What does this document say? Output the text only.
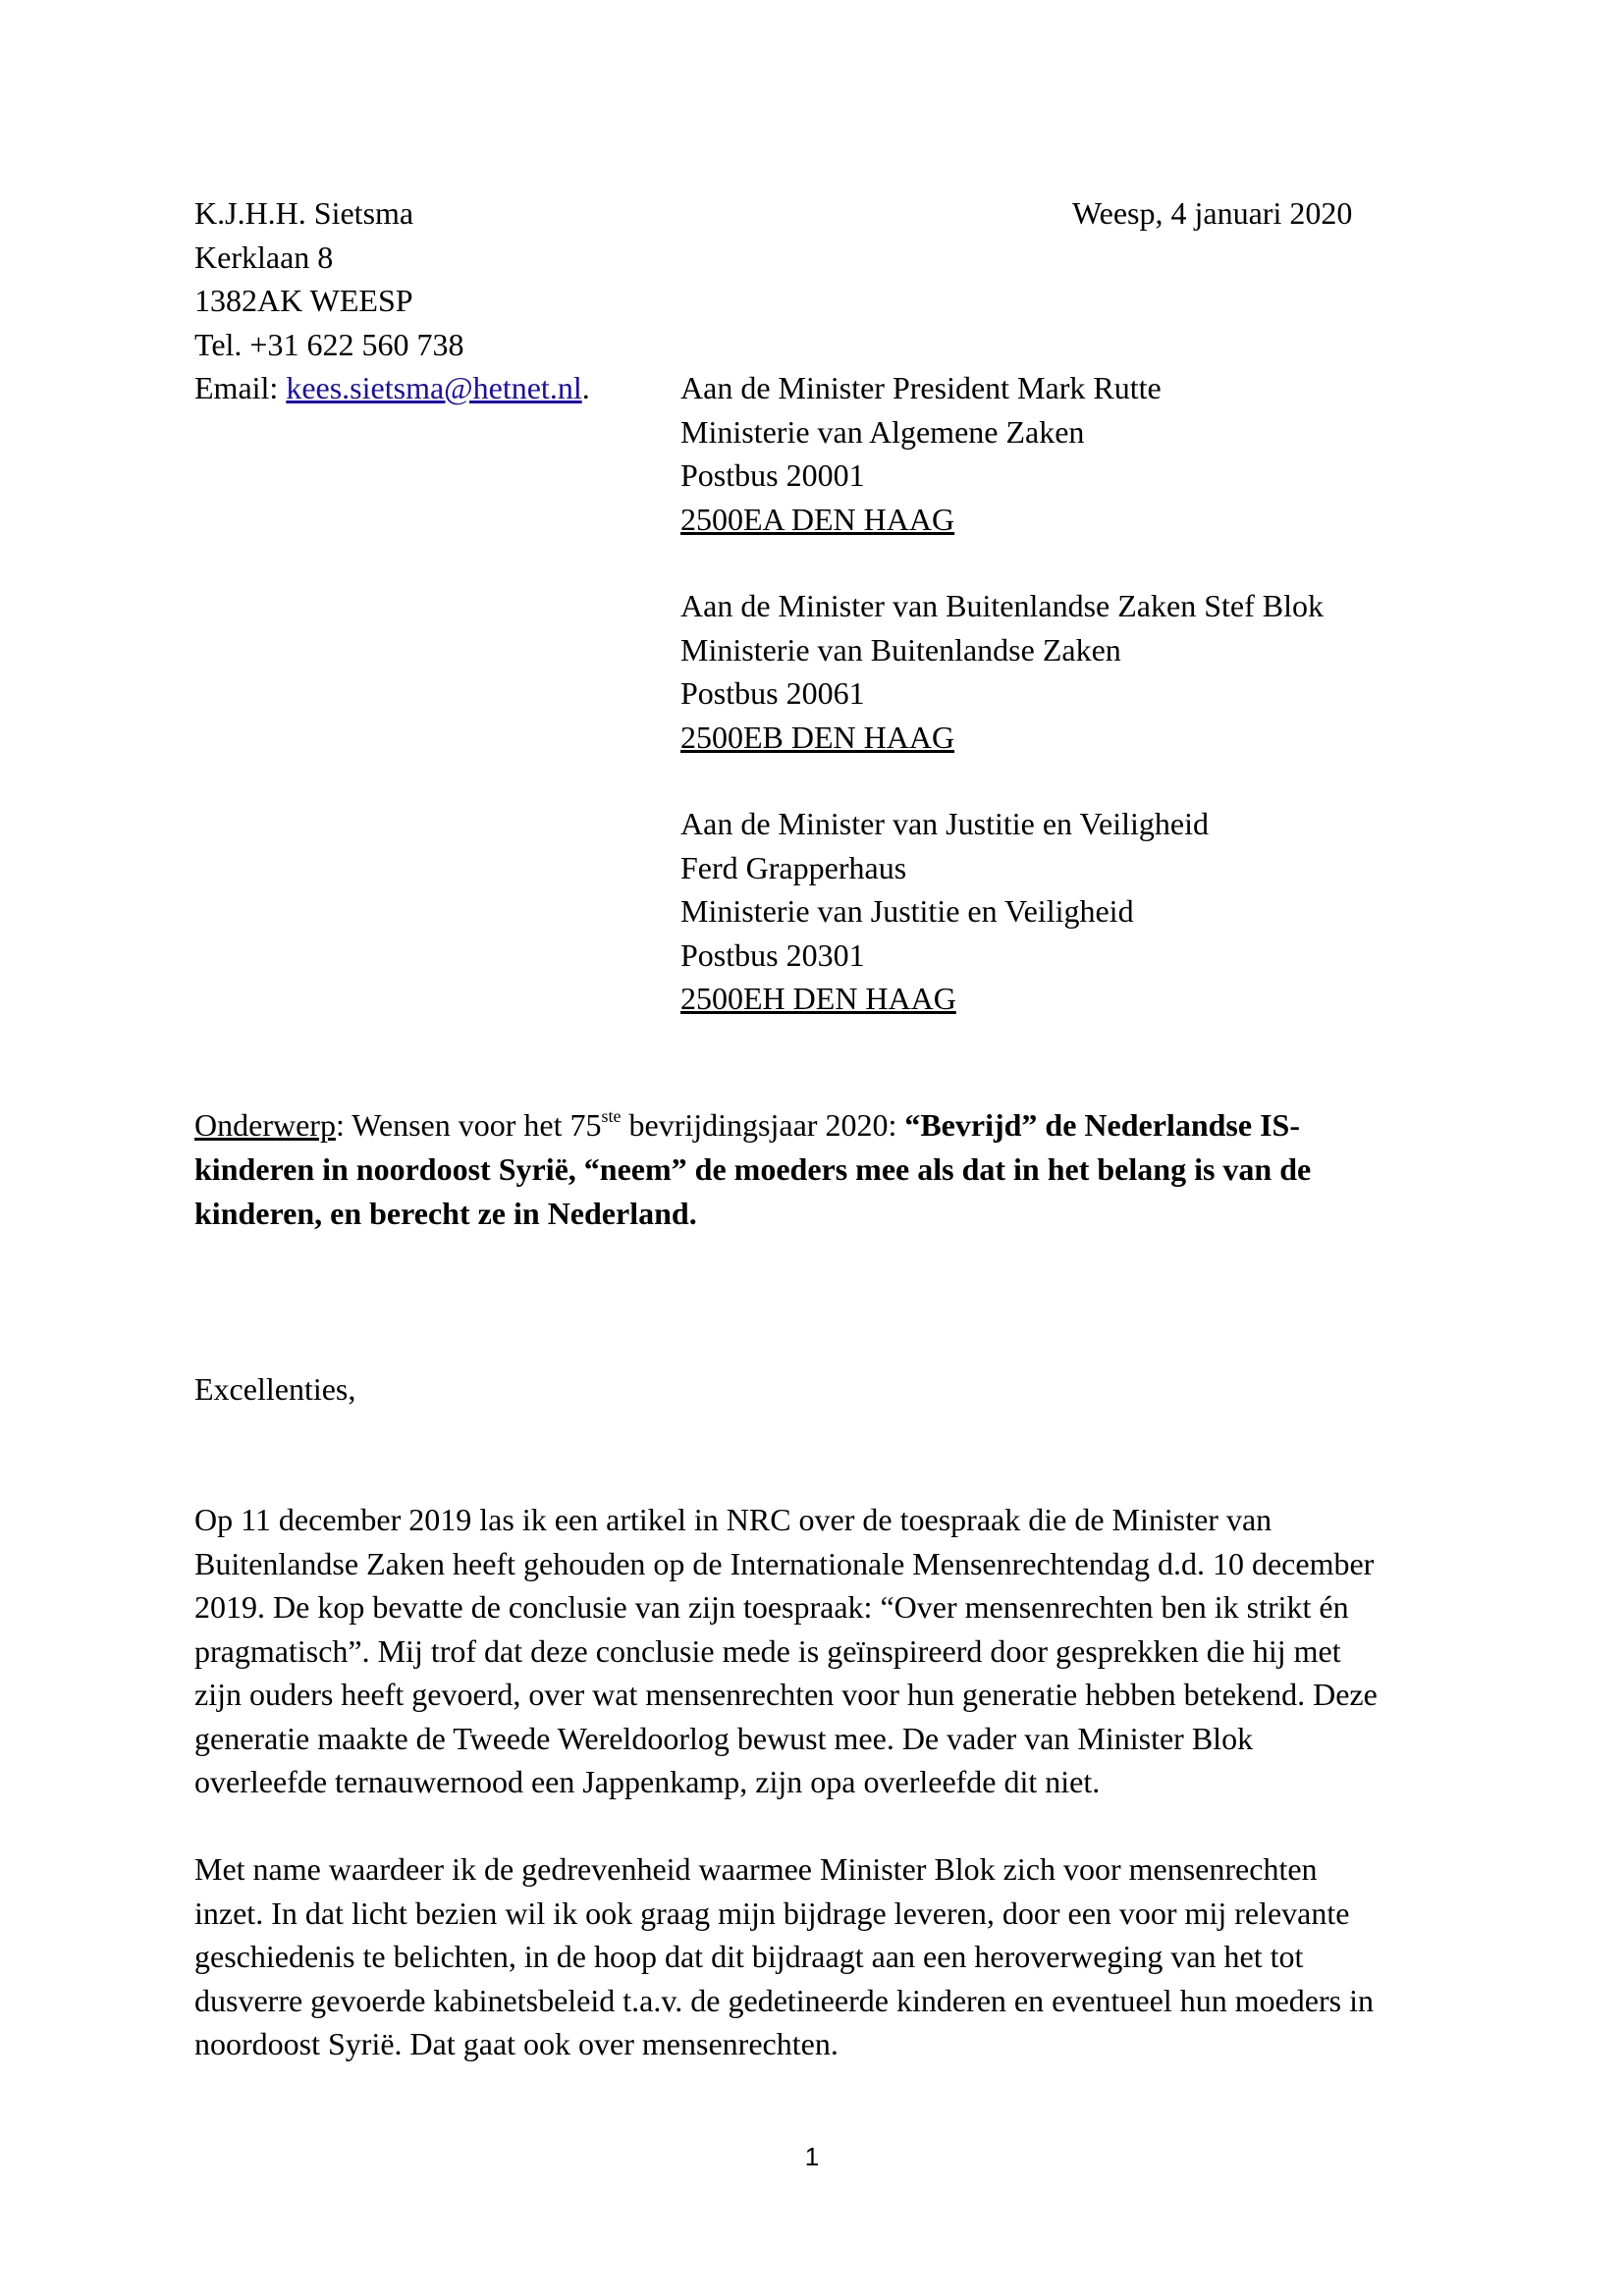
K.J.H.H. Sietsma
Kerklaan 8
1382AK WEESP
Tel. +31 622 560 738
Email: kees.sietsma@hetnet.nl.
Weesp, 4 januari 2020
Aan de Minister President Mark Rutte
Ministerie van Algemene Zaken
Postbus 20001
2500EA DEN HAAG
Aan de Minister van Buitenlandse Zaken Stef Blok
Ministerie van Buitenlandse Zaken
Postbus 20061
2500EB DEN HAAG
Aan de Minister van Justitie en Veiligheid
Ferd Grapperhaus
Ministerie van Justitie en Veiligheid
Postbus 20301
2500EH DEN HAAG
Onderwerp: Wensen voor het 75ste bevrijdingsjaar 2020: “Bevrijd” de Nederlandse IS-
kinderen in noordoost Syrië, “neem” de moeders mee als dat in het belang is van de
kinderen, en berecht ze in Nederland.
Excellenties,
Op 11 december 2019 las ik een artikel in NRC over de toespraak die de Minister van
Buitenlandse Zaken heeft gehouden op de Internationale Mensenrechtendag d.d. 10 december
2019. De kop bevatte de conclusie van zijn toespraak: “Over mensenrechten ben ik strikt én
pragmatisch”. Mij trof dat deze conclusie mede is geïnspireerd door gesprekken die hij met
zijn ouders heeft gevoerd, over wat mensenrechten voor hun generatie hebben betekend. Deze
generatie maakte de Tweede Wereldoorlog bewust mee. De vader van Minister Blok
overleefde ternauwernood een Jappenkamp, zijn opa overleefde dit niet.
Met name waardeer ik de gedrevenheid waarmee Minister Blok zich voor mensenrechten
inzet. In dat licht bezien wil ik ook graag mijn bijdrage leveren, door een voor mij relevante
geschiedenis te belichten, in de hoop dat dit bijdraagt aan een heroverweging van het tot
dusverre gevoerde kabinetsbeleid t.a.v. de gedetineerde kinderen en eventueel hun moeders in
noordoost Syrië. Dat gaat ook over mensenrechten.
1
